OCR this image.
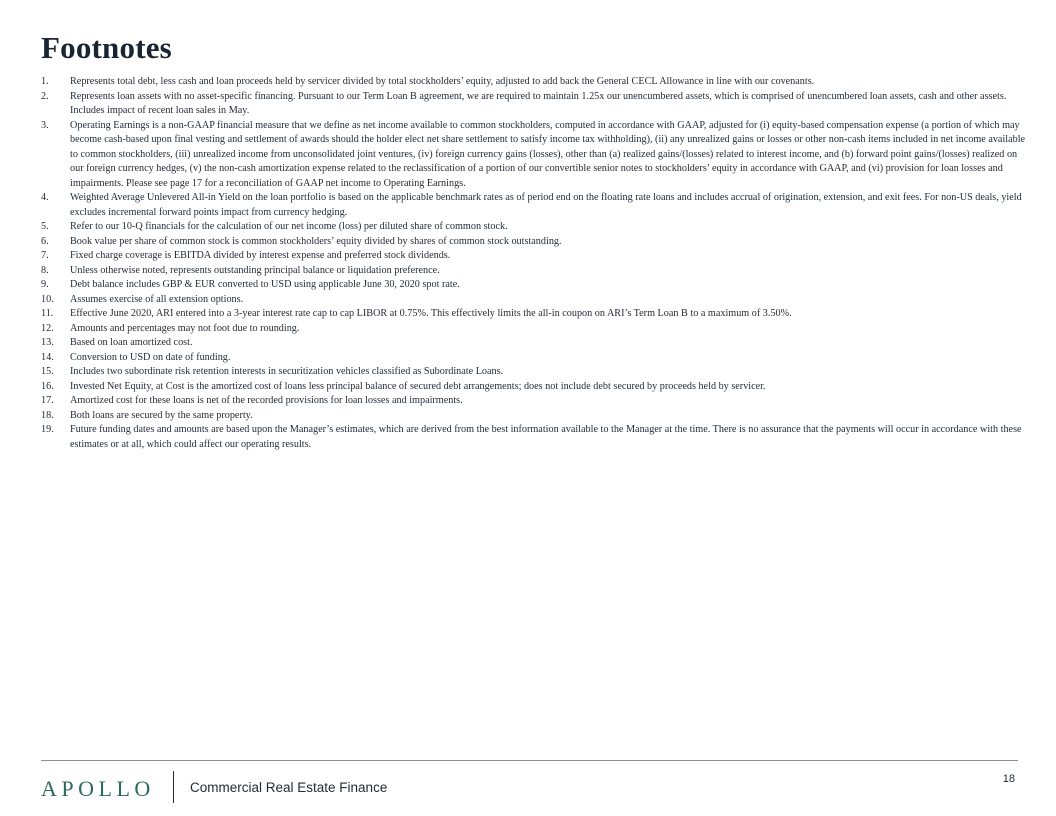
Footnotes
1.	Represents total debt, less cash and loan proceeds held by servicer divided by total stockholders’ equity, adjusted to add back the General CECL Allowance in line with our covenants.
2.	Represents loan assets with no asset-specific financing. Pursuant to our Term Loan B agreement, we are required to maintain 1.25x our unencumbered assets, which is comprised of unencumbered loan assets, cash and other assets. Includes impact of recent loan sales in May.
3.	Operating Earnings is a non-GAAP financial measure that we define as net income available to common stockholders, computed in accordance with GAAP, adjusted for (i) equity-based compensation expense (a portion of which may become cash-based upon final vesting and settlement of awards should the holder elect net share settlement to satisfy income tax withholding), (ii) any unrealized gains or losses or other non-cash items included in net income available to common stockholders, (iii) unrealized income from unconsolidated joint ventures, (iv) foreign currency gains (losses), other than (a) realized gains/(losses) related to interest income, and (b) forward point gains/(losses) realized on our foreign currency hedges, (v) the non-cash amortization expense related to the reclassification of a portion of our convertible senior notes to stockholders’ equity in accordance with GAAP, and (vi) provision for loan losses and impairments. Please see page 17 for a reconciliation of GAAP net income to Operating Earnings.
4.	Weighted Average Unlevered All-in Yield on the loan portfolio is based on the applicable benchmark rates as of period end on the floating rate loans and includes accrual of origination, extension, and exit fees. For non-US deals, yield excludes incremental forward points impact from currency hedging.
5.	Refer to our 10-Q financials for the calculation of our net income (loss) per diluted share of common stock.
6.	Book value per share of common stock is common stockholders’ equity divided by shares of common stock outstanding.
7.	Fixed charge coverage is EBITDA divided by interest expense and preferred stock dividends.
8.	Unless otherwise noted, represents outstanding principal balance or liquidation preference.
9.	Debt balance includes GBP & EUR converted to USD using applicable June 30, 2020 spot rate.
10.	Assumes exercise of all extension options.
11.	Effective June 2020, ARI entered into a 3-year interest rate cap to cap LIBOR at 0.75%. This effectively limits the all-in coupon on ARI’s Term Loan B to a maximum of 3.50%.
12.	Amounts and percentages may not foot due to rounding.
13.	Based on loan amortized cost.
14.	Conversion to USD on date of funding.
15.	Includes two subordinate risk retention interests in securitization vehicles classified as Subordinate Loans.
16.	Invested Net Equity, at Cost is the amortized cost of loans less principal balance of secured debt arrangements; does not include debt secured by proceeds held by servicer.
17.	Amortized cost for these loans is net of the recorded provisions for loan losses and impairments.
18.	Both loans are secured by the same property.
19.	Future funding dates and amounts are based upon the Manager’s estimates, which are derived from the best information available to the Manager at the time. There is no assurance that the payments will occur in accordance with these estimates or at all, which could affect our operating results.
APOLLO	Commercial Real Estate Finance
18
